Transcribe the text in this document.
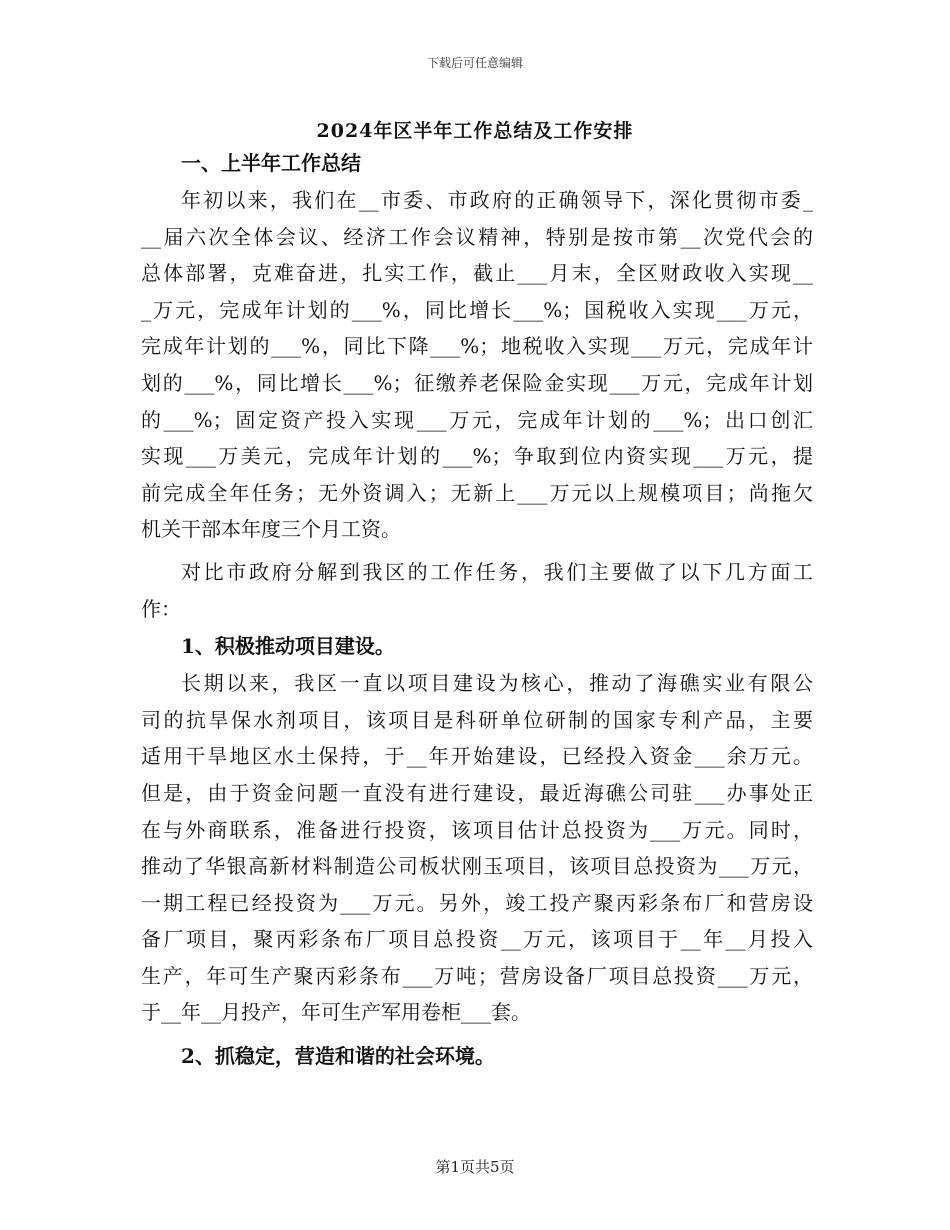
下载后可任意编辑
2024年区半年工作总结及工作安排
一、上半年工作总结
年初以来，我们在__市委、市政府的正确领导下，深化贯彻市委_
__届六次全体会议、经济工作会议精神，特别是按市第__次党代会的
总体部署，克难奋进，扎实工作，截止___月末，全区财政收入实现__
_万元，完成年计划的___%，同比增长___%；国税收入实现___万元，
完成年计划的___%，同比下降___%；地税收入实现___万元，完成年计
划的___%，同比增长___%；征缴养老保险金实现___万元，完成年计划
的___%；固定资产投入实现___万元，完成年计划的___%；出口创汇
实现___万美元，完成年计划的___%；争取到位内资实现___万元，提
前完成全年任务；无外资调入；无新上___万元以上规模项目；尚拖欠
机关干部本年度三个月工资。
对比市政府分解到我区的工作任务，我们主要做了以下几方面工
作：
1、积极推动项目建设。
长期以来，我区一直以项目建设为核心，推动了海礁实业有限公
司的抗旱保水剂项目，该项目是科研单位研制的国家专利产品，主要
适用干旱地区水土保持，于__年开始建设，已经投入资金___余万元。
但是，由于资金问题一直没有进行建设，最近海礁公司驻___办事处正
在与外商联系，准备进行投资，该项目估计总投资为___万元。同时，
推动了华银高新材料制造公司板状刚玉项目，该项目总投资为___万元，
一期工程已经投资为___万元。另外，竣工投产聚丙彩条布厂和营房设
备厂项目，聚丙彩条布厂项目总投资__万元，该项目于__年__月投入
生产，年可生产聚丙彩条布___万吨；营房设备厂项目总投资___万元，
于__年__月投产，年可生产军用卷柜___套。
2、抓稳定，营造和谐的社会环境。
第1页共5页
